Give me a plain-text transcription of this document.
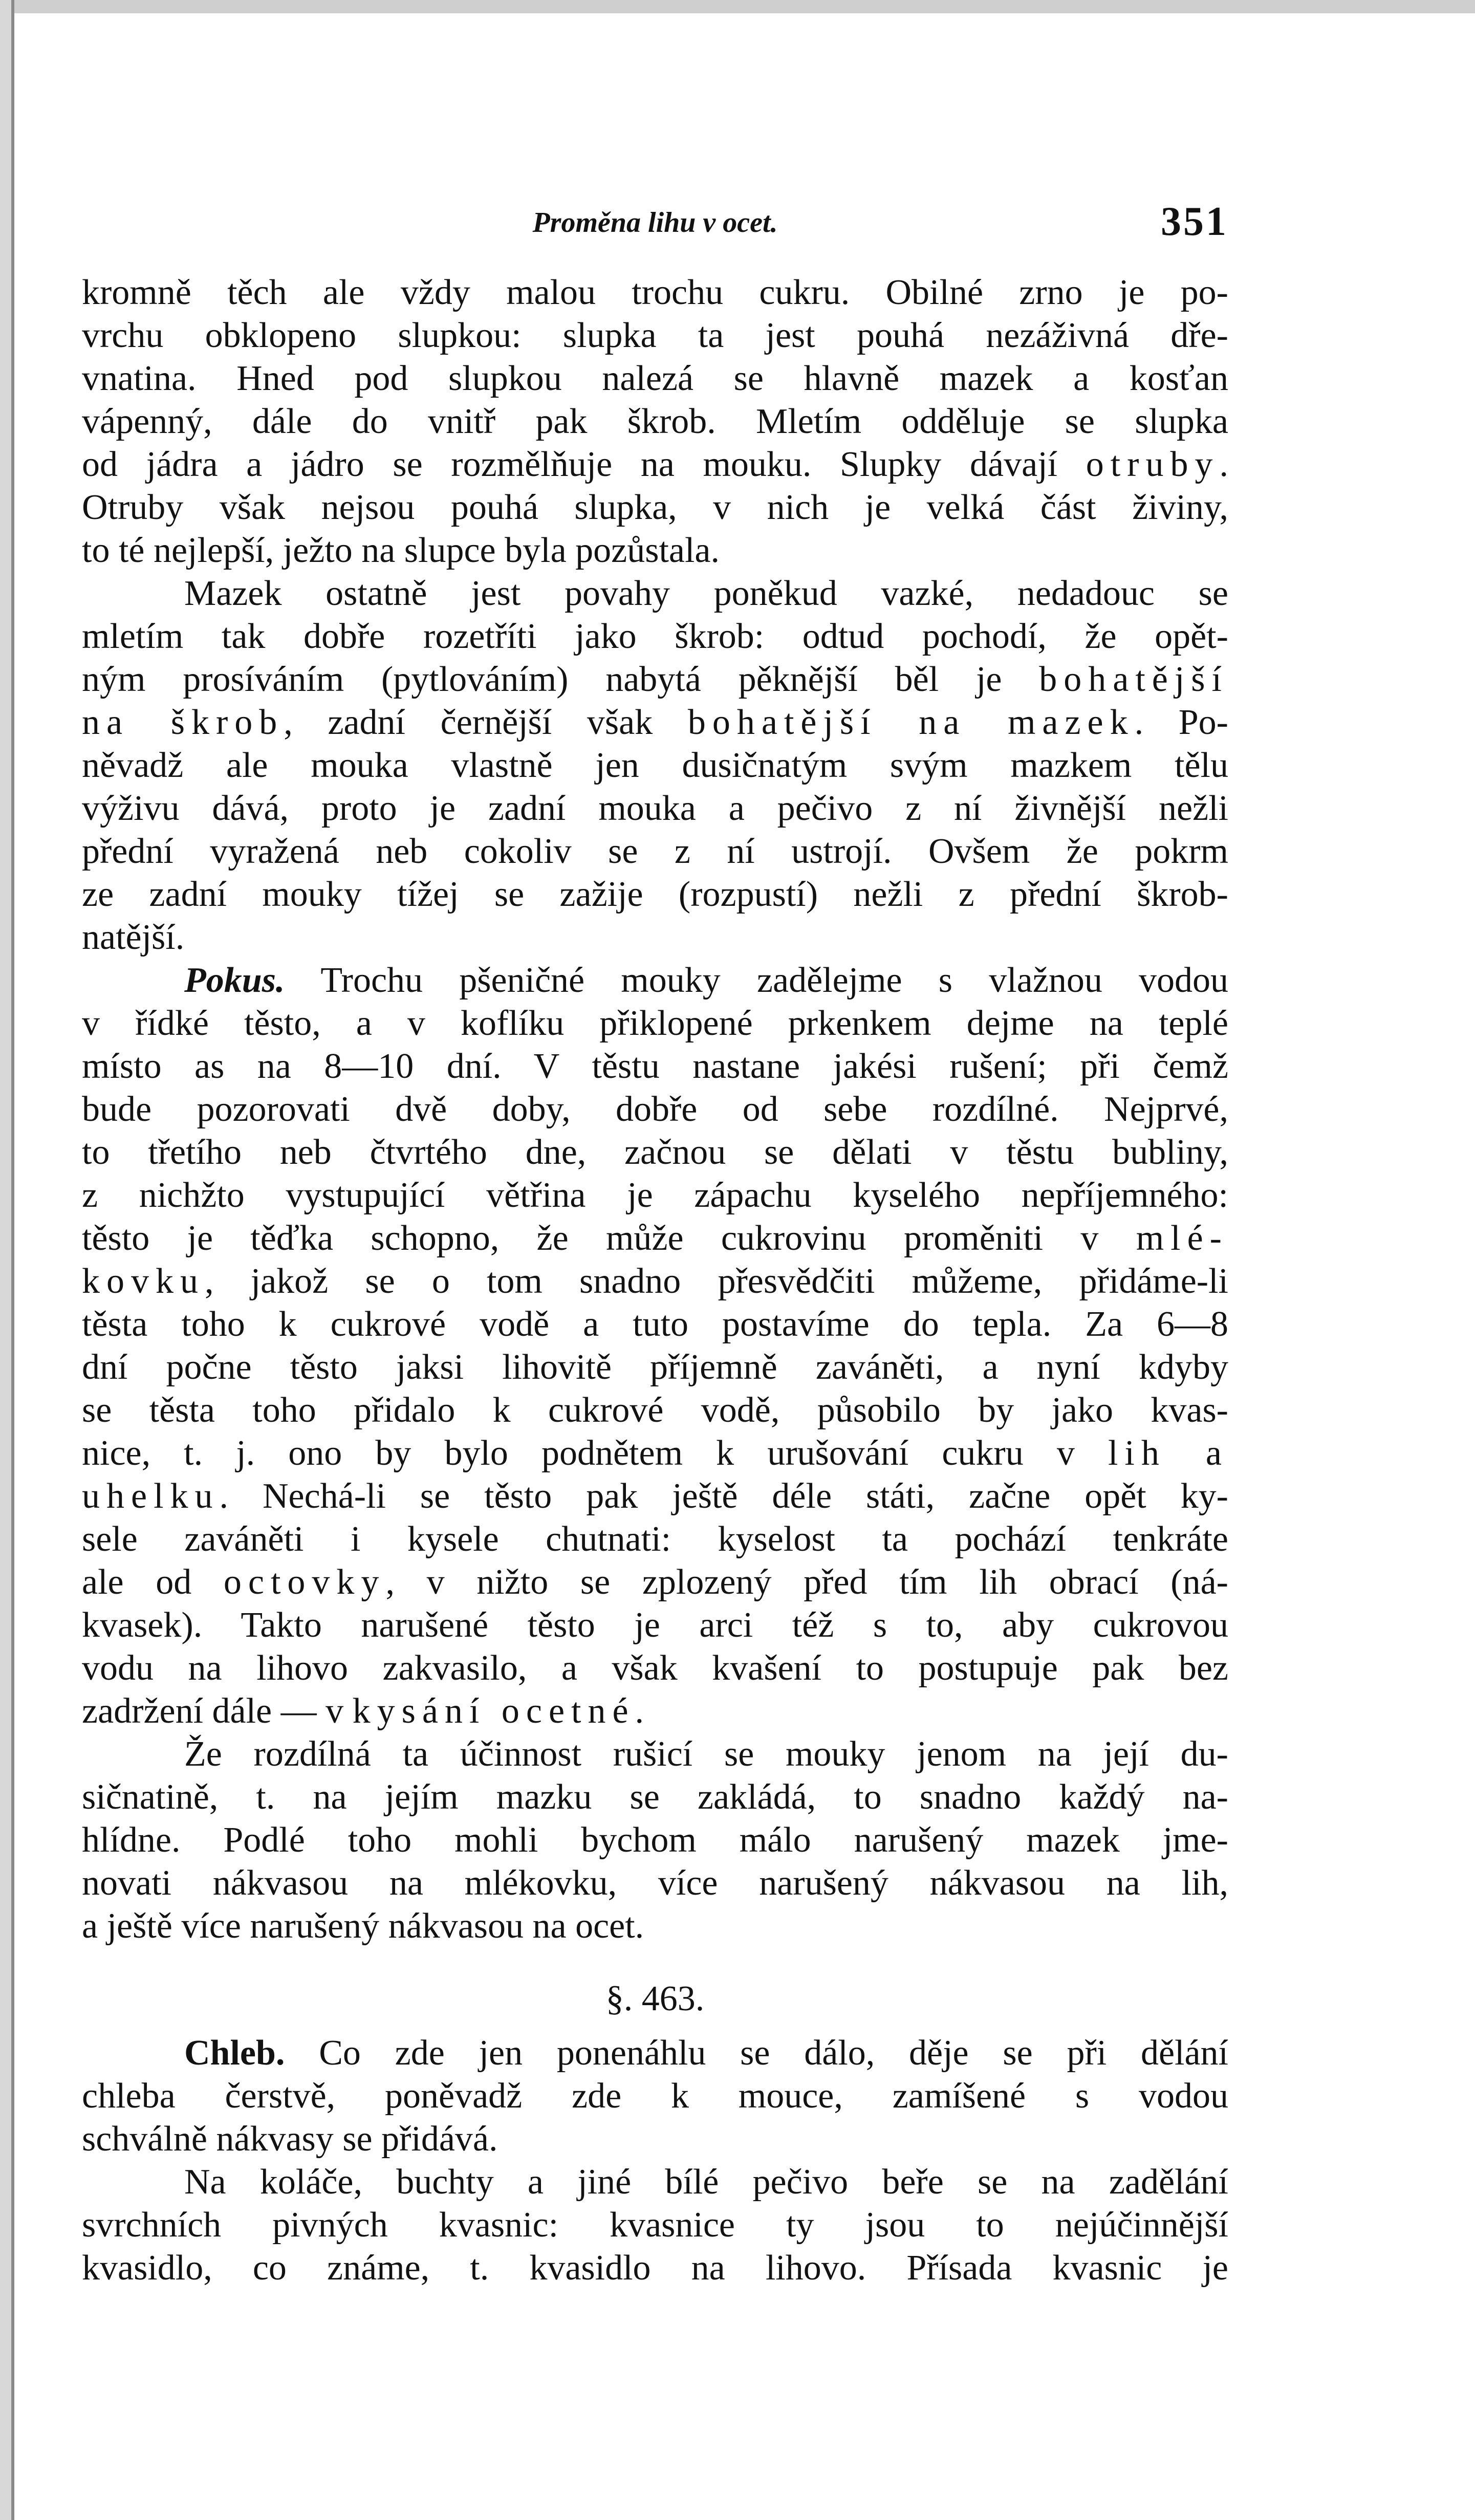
Proměna lihu v ocet.	351
kromně těch ale vždy malou trochu cukru. Obilné zrno je po-
vrchu obklopeno slupkou: slupka ta jest pouhá nezáživná dře-
vnatina. Hned pod slupkou nalezá se hlavně mazek a kosťan
vápenný, dále do vnitř pak škrob. Mletím odděluje se slupka
od jádra a jádro se rozmělňuje na mouku. Slupky dávají otruby.
Otruby však nejsou pouhá slupka, v nich je velká část živiny,
to té nejlepší, ježto na slupce byla pozůstala.
Mazek ostatně jest povahy poněkud vazké, nedadouc se
mletím tak dobře rozetříti jako škrob: odtud pochodí, že opět-
ným prosíváním (pytlováním) nabytá pěknější běl je bohatější
na škrob, zadní černější však bohatější na mazek. Po-
něvadž ale mouka vlastně jen dusičnatým svým mazkem tělu
výživu dává, proto je zadní mouka a pečivo z ní živnější nežli
přední vyražená neb cokoliv se z ní ustrojí. Ovšem že pokrm
ze zadní mouky tížej se zažije (rozpustí) nežli z přední škrob-
natější.
Pokus. Trochu pšeničné mouky zadělejme s vlažnou vodou
v řídké těsto, a v koflíku přiklopené prkenkem dejme na teplé
místo as na 8—10 dní. V těstu nastane jakési rušení; při čemž
bude pozorovati dvě doby, dobře od sebe rozdílné. Nejprvé,
to třetího neb čtvrtého dne, začnou se dělati v těstu bubliny,
z nichžto vystupující větřina je zápachu kyselého nepříjemného:
těsto je těďka schopno, že může cukrovinu proměniti v mlé-
kovku, jakož se o tom snadno přesvědčiti můžeme, přidáme-li
těsta toho k cukrové vodě a tuto postavíme do tepla. Za 6—8
dní počne těsto jaksi lihovitě příjemně zaváněti, a nyní kdyby
se těsta toho přidalo k cukrové vodě, působilo by jako kvas-
nice, t. j. ono by bylo podnětem k urušování cukru v lih a
uhelku. Nechá-li se těsto pak ještě déle státi, začne opět ky-
sele zaváněti i kysele chutnati: kyselost ta pochází tenkráte
ale od octovky, v nižto se zplozený před tím lih obrací (ná-
kvasek). Takto narušené těsto je arci též s to, aby cukrovou
vodu na lihovo zakvasilo, a však kvašení to postupuje pak bez
zadržení dále — v kysání ocetné.
Že rozdílná ta účinnost rušicí se mouky jenom na její du-
sičnatině, t. na jejím mazku se zakládá, to snadno každý na-
hlídne. Podlé toho mohli bychom málo narušený mazek jme-
novati nákvasou na mlékovku, více narušený nákvasou na lih,
a ještě více narušený nákvasou na ocet.
§. 463.
Chleb. Co zde jen ponenáhlu se dálo, děje se při dělání
chleba čerstvě, poněvadž zde k mouce, zamíšené s vodou
schválně nákvasy se přidává.
Na koláče, buchty a jiné bílé pečivo beře se na zadělání
svrchních pivných kvasnic: kvasnice ty jsou to nejúčinnější
kvasidlo, co známe, t. kvasidlo na lihovo. Přísada kvasnic je
